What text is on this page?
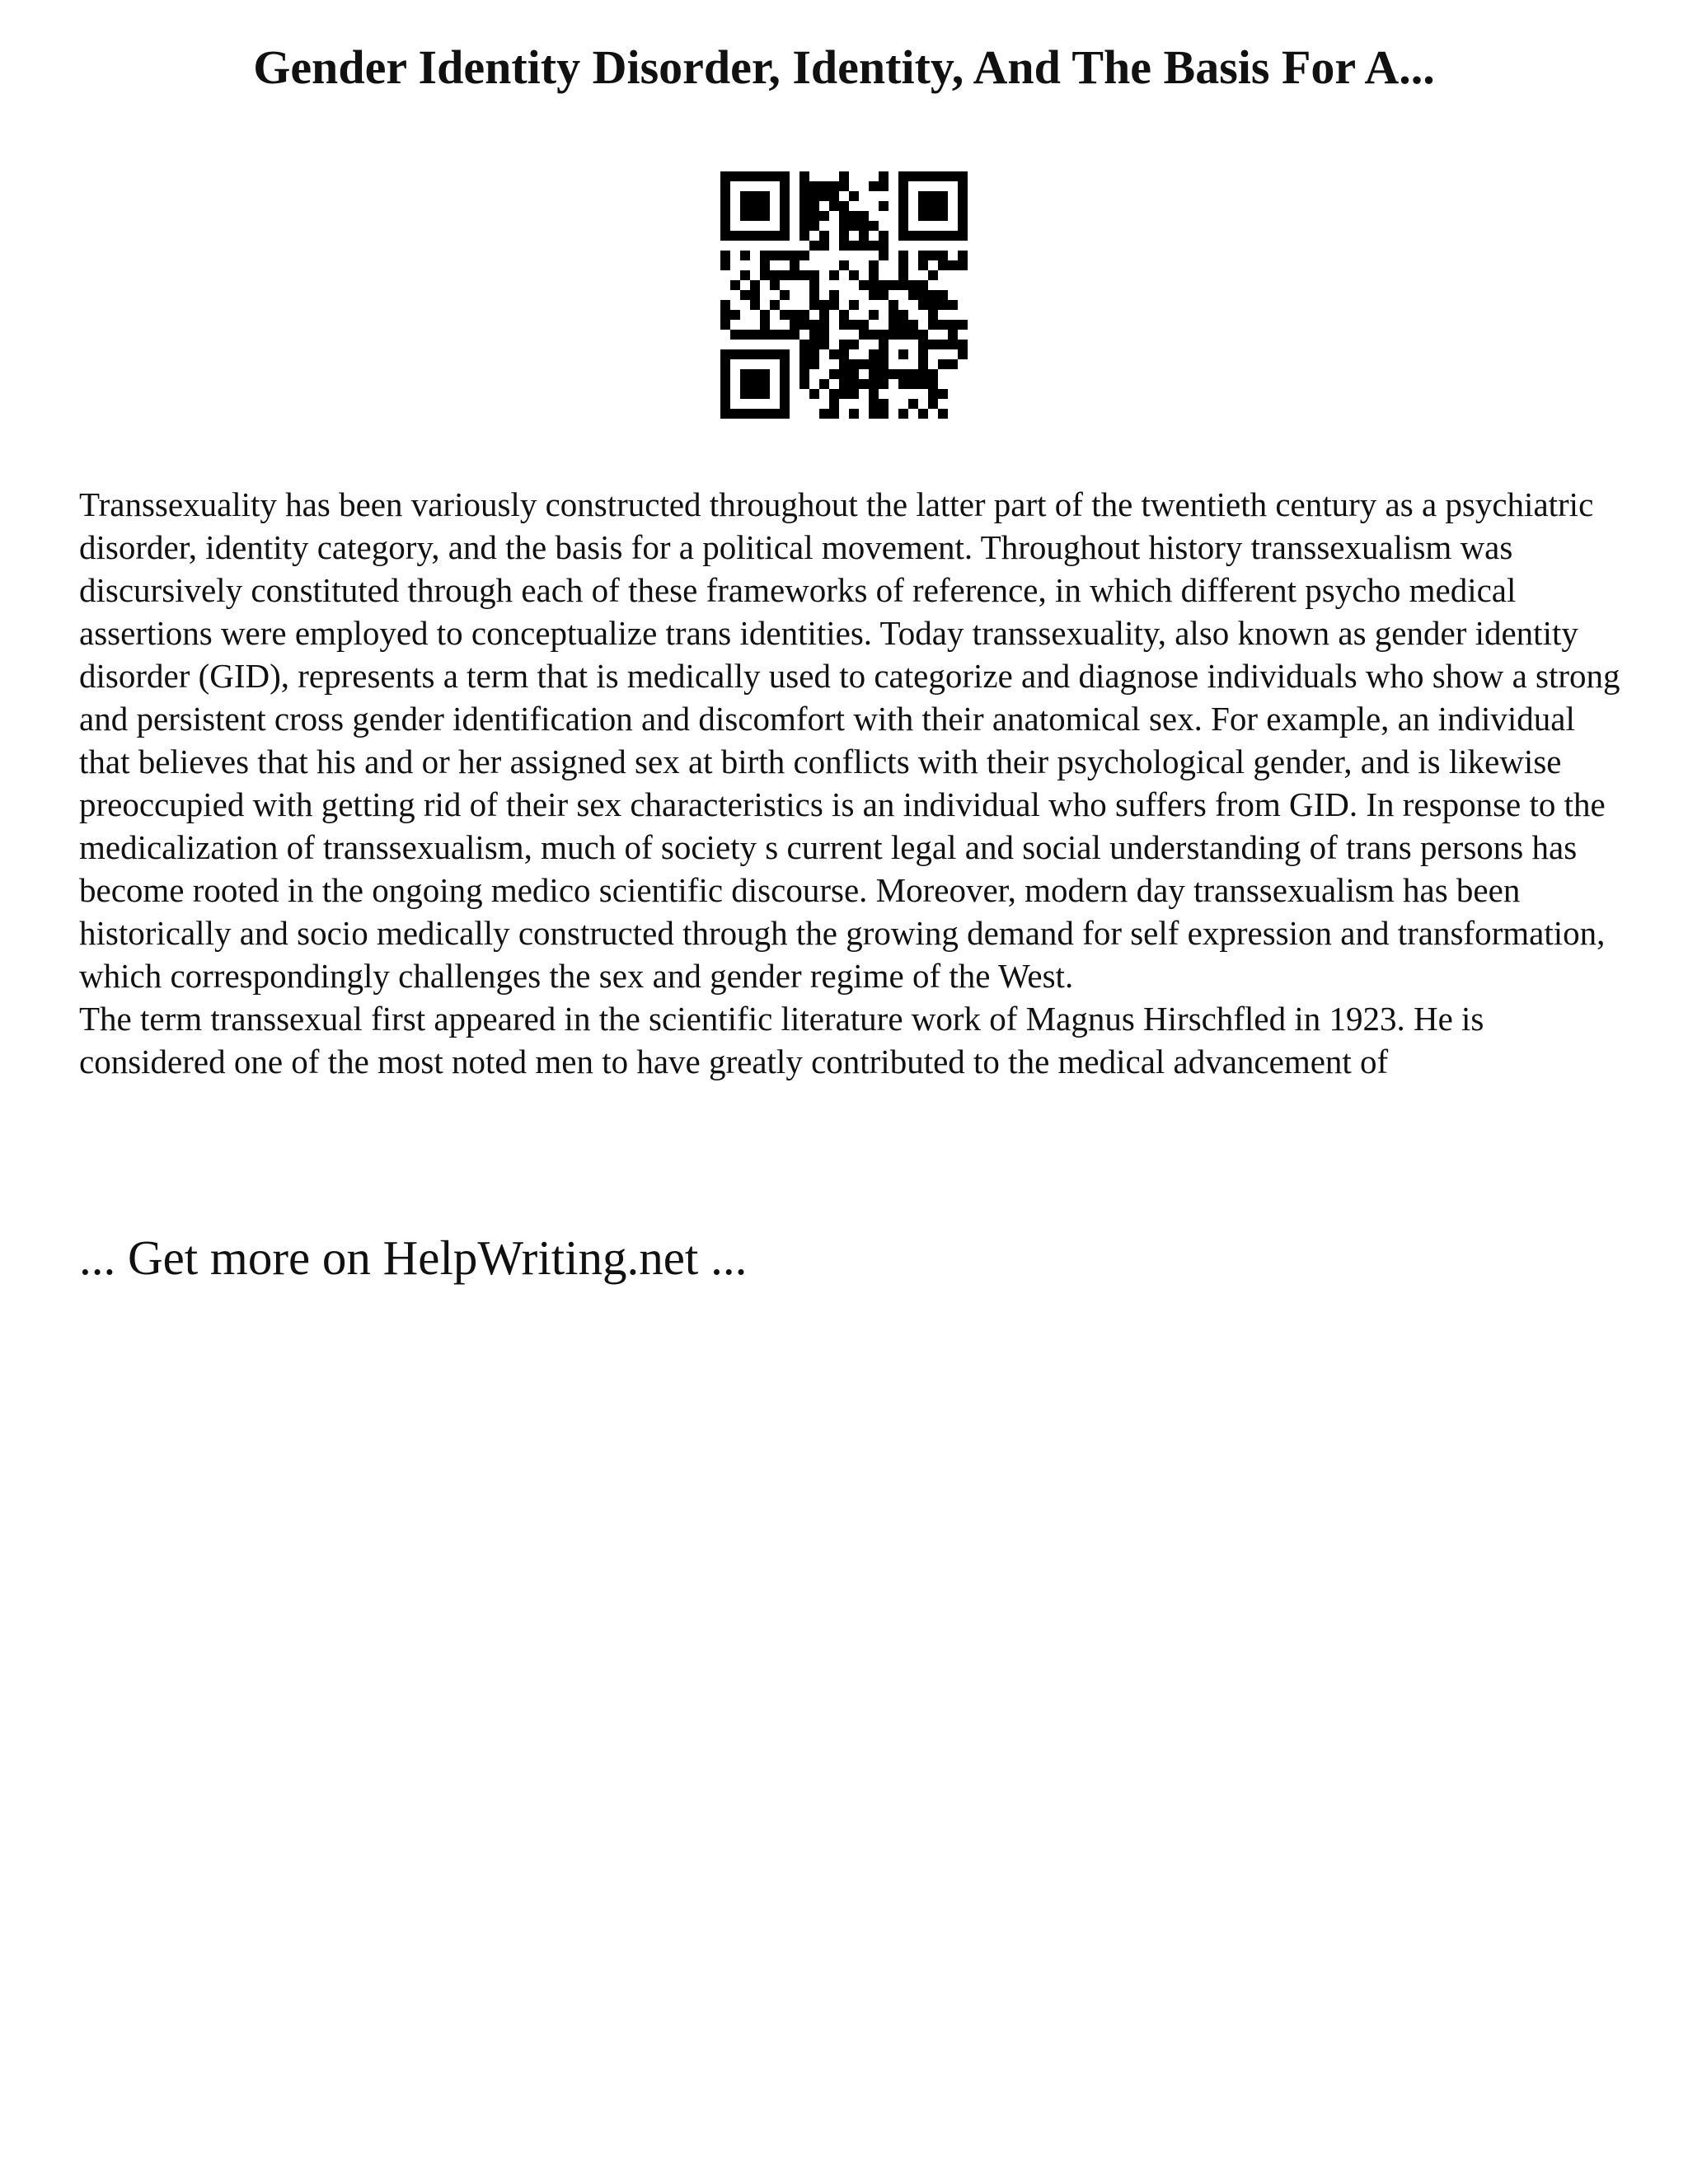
Gender Identity Disorder, Identity, And The Basis For A...

Transsexuality has been variously constructed throughout the latter part of the twentieth century as a psychiatric disorder, identity category, and the basis for a political movement. Throughout history transsexualism was discursively constituted through each of these frameworks of reference, in which different psycho medical assertions were employed to conceptualize trans identities. Today transsexuality, also known as gender identity disorder (GID), represents a term that is medically used to categorize and diagnose individuals who show a strong and persistent cross gender identification and discomfort with their anatomical sex. For example, an individual that believes that his and or her assigned sex at birth conflicts with their psychological gender, and is likewise preoccupied with getting rid of their sex characteristics is an individual who suffers from GID. In response to the medicalization of transsexualism, much of society s current legal and social understanding of trans persons has become rooted in the ongoing medico scientific discourse. Moreover, modern day transsexualism has been historically and socio medically constructed through the growing demand for self expression and transformation, which correspondingly challenges the sex and gender regime of the West.

The term transsexual first appeared in the scientific literature work of Magnus Hirschfled in 1923. He is considered one of the most noted men to have greatly contributed to the medical advancement of

... Get more on HelpWriting.net ...
